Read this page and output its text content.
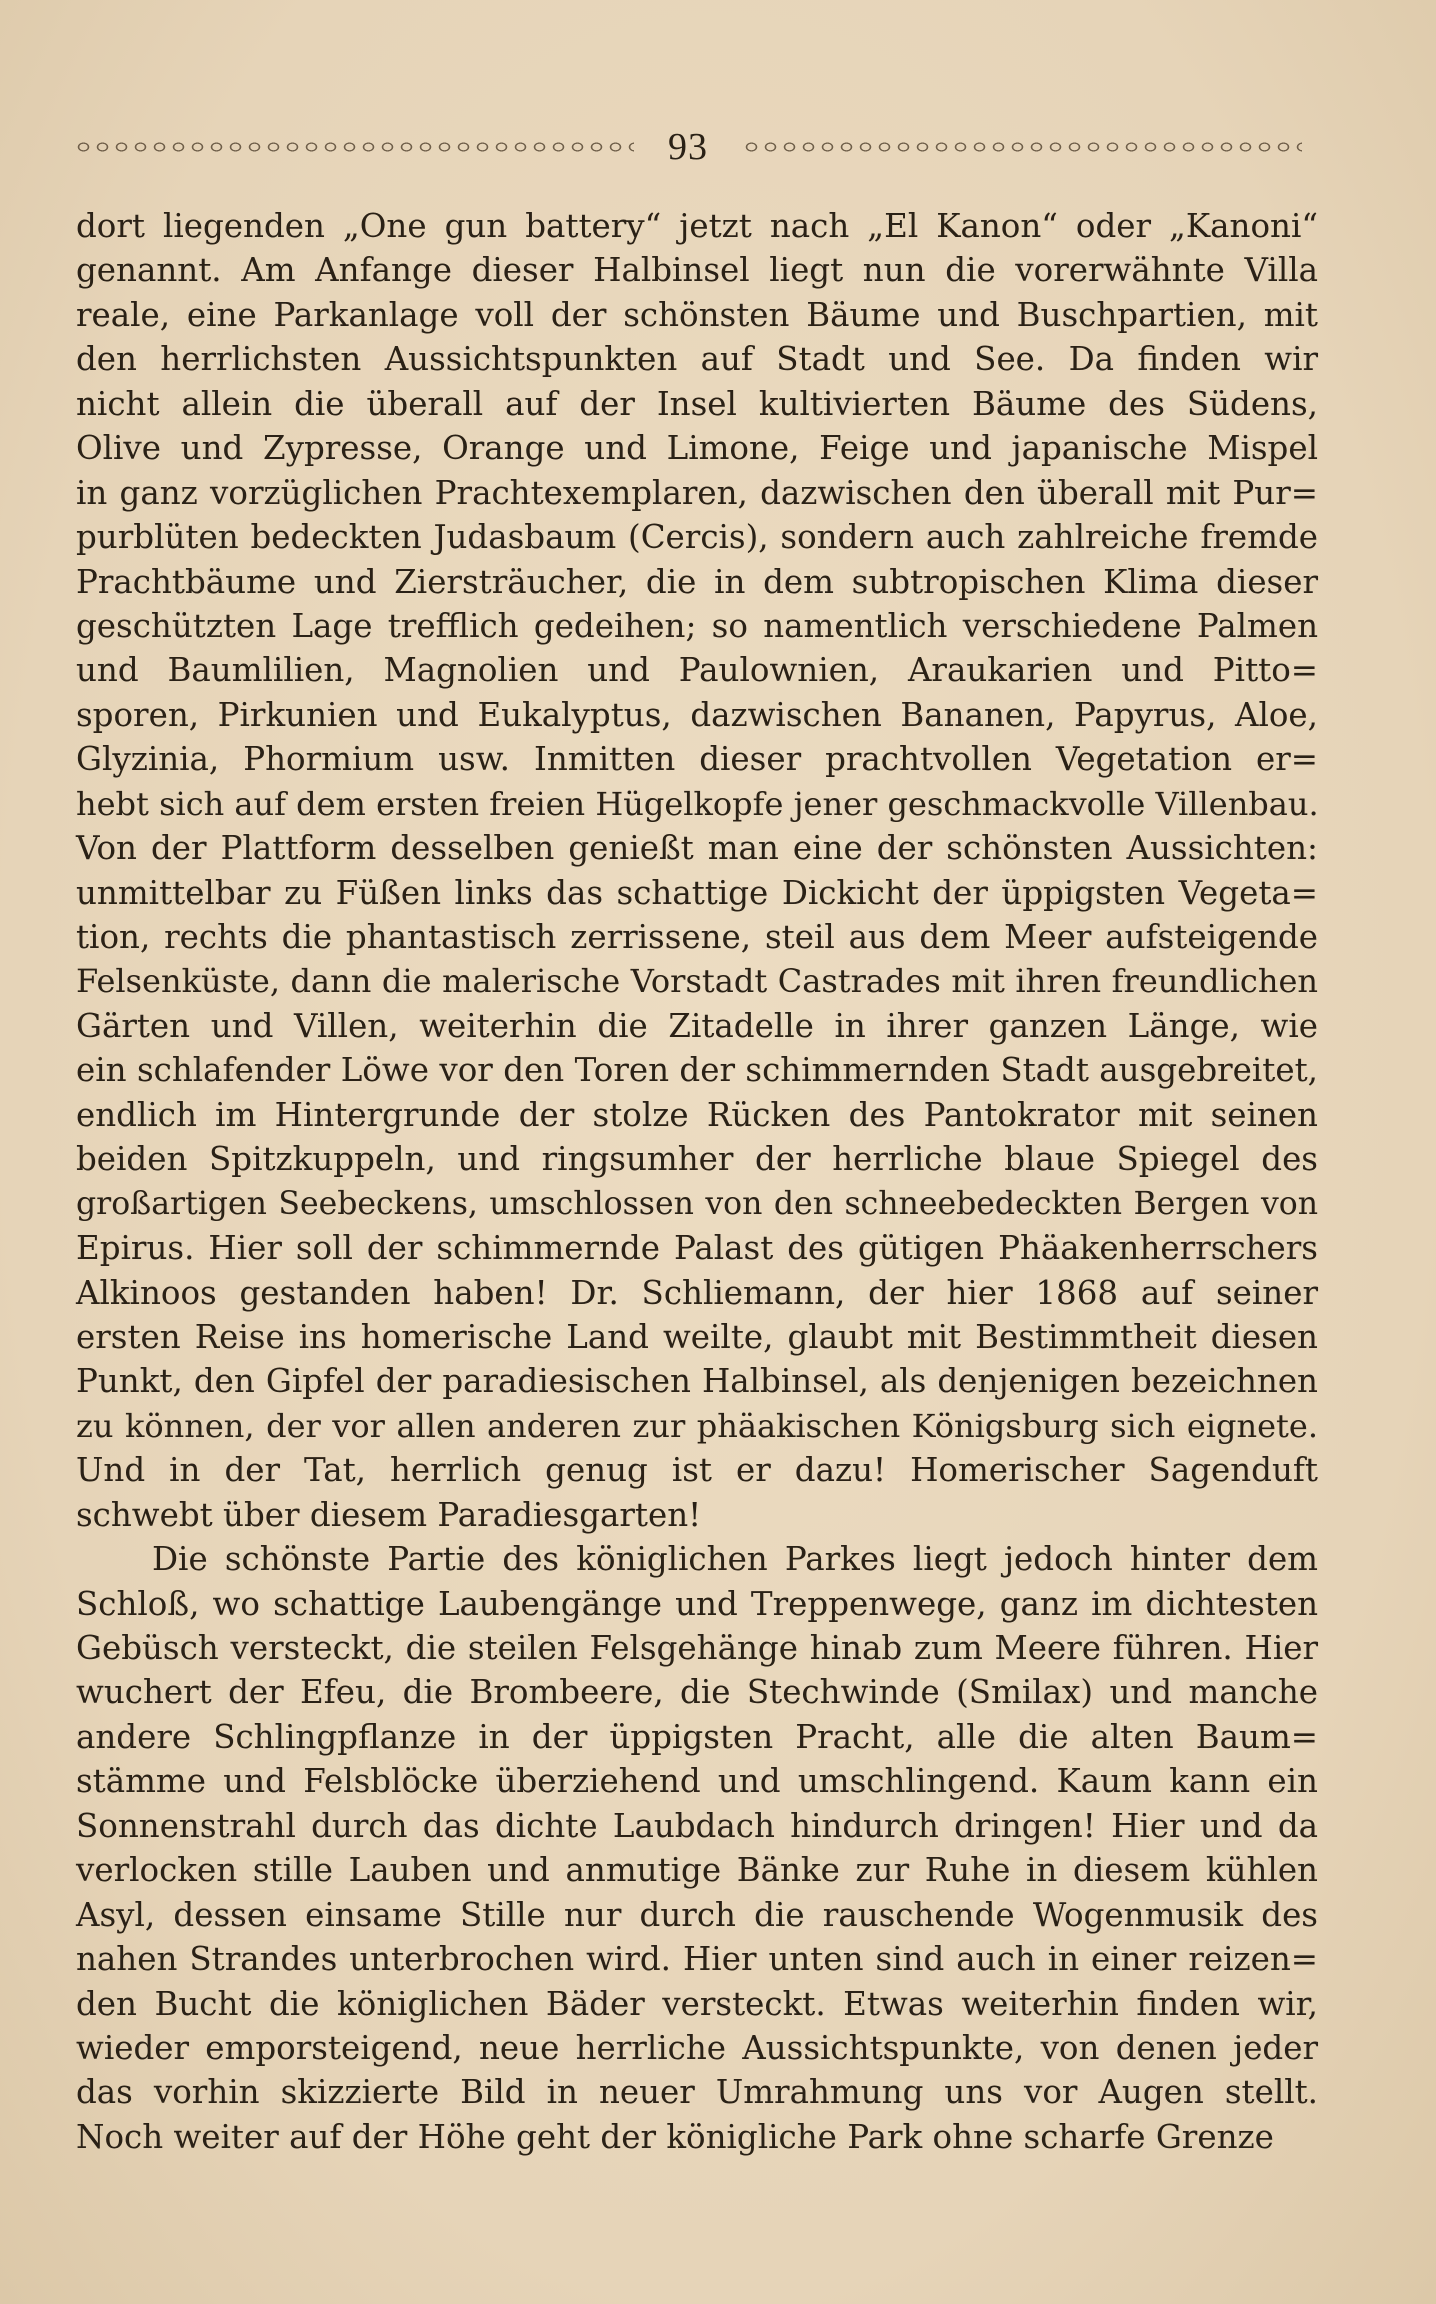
93
dort liegenden „One gun battery“ jetzt nach „El Kanon“ oder „Kanoni“
genannt. Am Anfange dieser Halbinsel liegt nun die vorerwähnte Villa
reale, eine Parkanlage voll der schönsten Bäume und Buschpartien, mit
den herrlichsten Aussichtspunkten auf Stadt und See. Da finden wir
nicht allein die überall auf der Insel kultivierten Bäume des Südens,
Olive und Zypresse, Orange und Limone, Feige und japanische Mispel
in ganz vorzüglichen Prachtexemplaren, dazwischen den überall mit Pur=
purblüten bedeckten Judasbaum (Cercis), sondern auch zahlreiche fremde
Prachtbäume und Ziersträucher, die in dem subtropischen Klima dieser
geschützten Lage trefflich gedeihen; so namentlich verschiedene Palmen
und Baumlilien, Magnolien und Paulownien, Araukarien und Pitto=
sporen, Pirkunien und Eukalyptus, dazwischen Bananen, Papyrus, Aloe,
Glyzinia, Phormium usw. Inmitten dieser prachtvollen Vegetation er=
hebt sich auf dem ersten freien Hügelkopfe jener geschmackvolle Villenbau.
Von der Plattform desselben genießt man eine der schönsten Aussichten:
unmittelbar zu Füßen links das schattige Dickicht der üppigsten Vegeta=
tion, rechts die phantastisch zerrissene, steil aus dem Meer aufsteigende
Felsenküste, dann die malerische Vorstadt Castrades mit ihren freundlichen
Gärten und Villen, weiterhin die Zitadelle in ihrer ganzen Länge, wie
ein schlafender Löwe vor den Toren der schimmernden Stadt ausgebreitet,
endlich im Hintergrunde der stolze Rücken des Pantokrator mit seinen
beiden Spitzkuppeln, und ringsumher der herrliche blaue Spiegel des
großartigen Seebeckens, umschlossen von den schneebedeckten Bergen von
Epirus. Hier soll der schimmernde Palast des gütigen Phäakenherrschers
Alkinoos gestanden haben! Dr. Schliemann, der hier 1868 auf seiner
ersten Reise ins homerische Land weilte, glaubt mit Bestimmtheit diesen
Punkt, den Gipfel der paradiesischen Halbinsel, als denjenigen bezeichnen
zu können, der vor allen anderen zur phäakischen Königsburg sich eignete.
Und in der Tat, herrlich genug ist er dazu! Homerischer Sagenduft
schwebt über diesem Paradiesgarten!
Die schönste Partie des königlichen Parkes liegt jedoch hinter dem
Schloß, wo schattige Laubengänge und Treppenwege, ganz im dichtesten
Gebüsch versteckt, die steilen Felsgehänge hinab zum Meere führen. Hier
wuchert der Efeu, die Brombeere, die Stechwinde (Smilax) und manche
andere Schlingpflanze in der üppigsten Pracht, alle die alten Baum=
stämme und Felsblöcke überziehend und umschlingend. Kaum kann ein
Sonnenstrahl durch das dichte Laubdach hindurch dringen! Hier und da
verlocken stille Lauben und anmutige Bänke zur Ruhe in diesem kühlen
Asyl, dessen einsame Stille nur durch die rauschende Wogenmusik des
nahen Strandes unterbrochen wird. Hier unten sind auch in einer reizen=
den Bucht die königlichen Bäder versteckt. Etwas weiterhin finden wir,
wieder emporsteigend, neue herrliche Aussichtspunkte, von denen jeder
das vorhin skizzierte Bild in neuer Umrahmung uns vor Augen stellt.
Noch weiter auf der Höhe geht der königliche Park ohne scharfe Grenze
